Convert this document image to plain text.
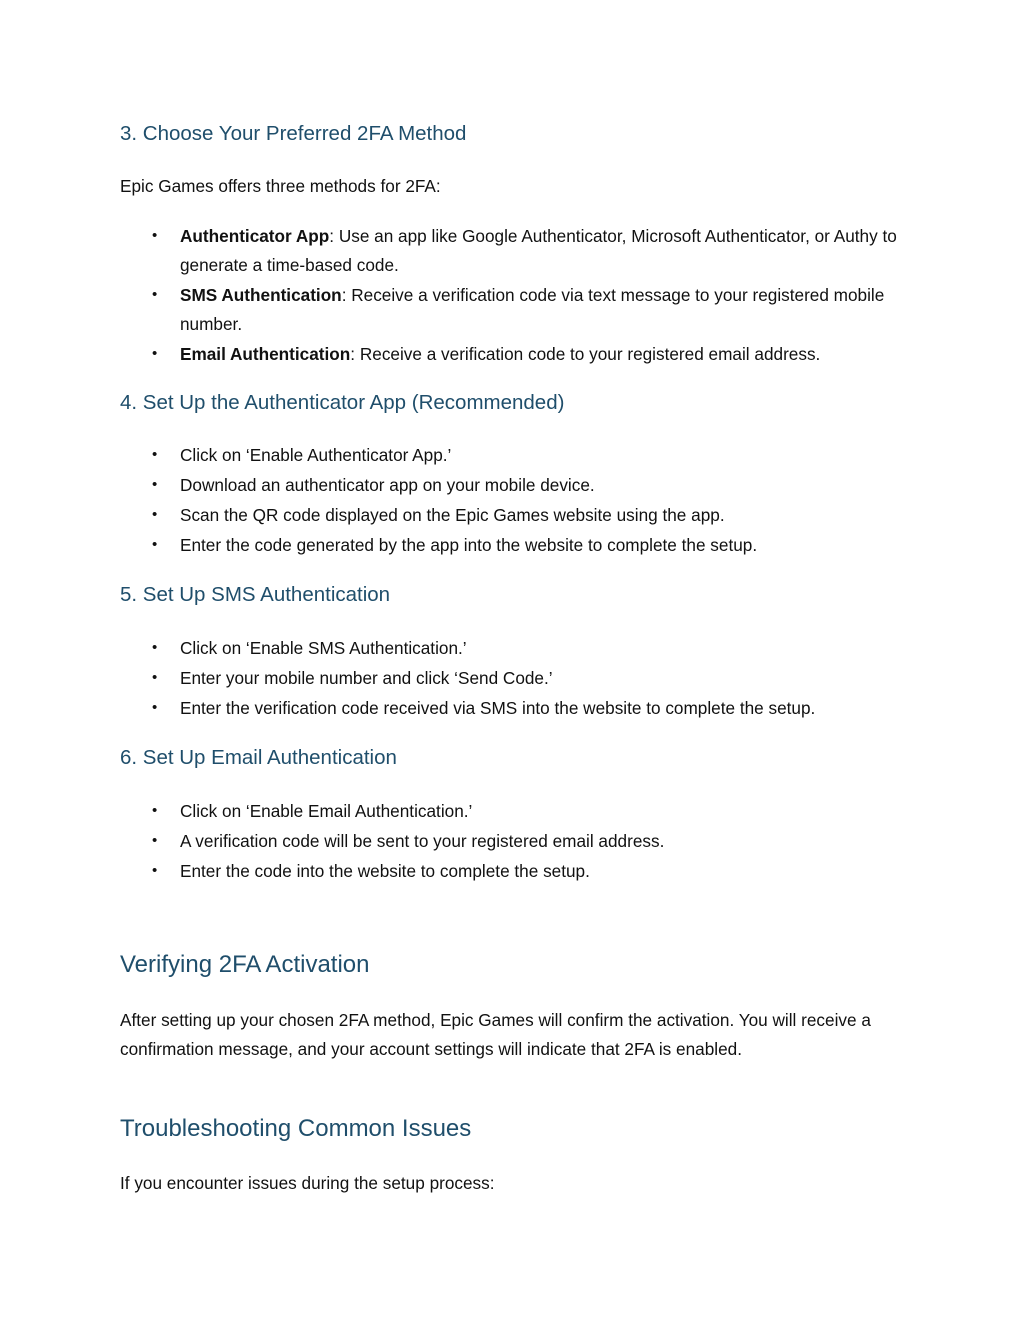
3. Choose Your Preferred 2FA Method

Epic Games offers three methods for 2FA:

• Authenticator App: Use an app like Google Authenticator, Microsoft Authenticator, or Authy to generate a time-based code.
• SMS Authentication: Receive a verification code via text message to your registered mobile number.
• Email Authentication: Receive a verification code to your registered email address.
4. Set Up the Authenticator App (Recommended)
• Click on ‘Enable Authenticator App.’
• Download an authenticator app on your mobile device.
• Scan the QR code displayed on the Epic Games website using the app.
• Enter the code generated by the app into the website to complete the setup.
5. Set Up SMS Authentication
• Click on ‘Enable SMS Authentication.’
• Enter your mobile number and click ‘Send Code.’
• Enter the verification code received via SMS into the website to complete the setup.
6. Set Up Email Authentication
• Click on ‘Enable Email Authentication.’
• A verification code will be sent to your registered email address.
• Enter the code into the website to complete the setup.
Verifying 2FA Activation

After setting up your chosen 2FA method, Epic Games will confirm the activation. You will receive a confirmation message, and your account settings will indicate that 2FA is enabled.

Troubleshooting Common Issues

If you encounter issues during the setup process:
